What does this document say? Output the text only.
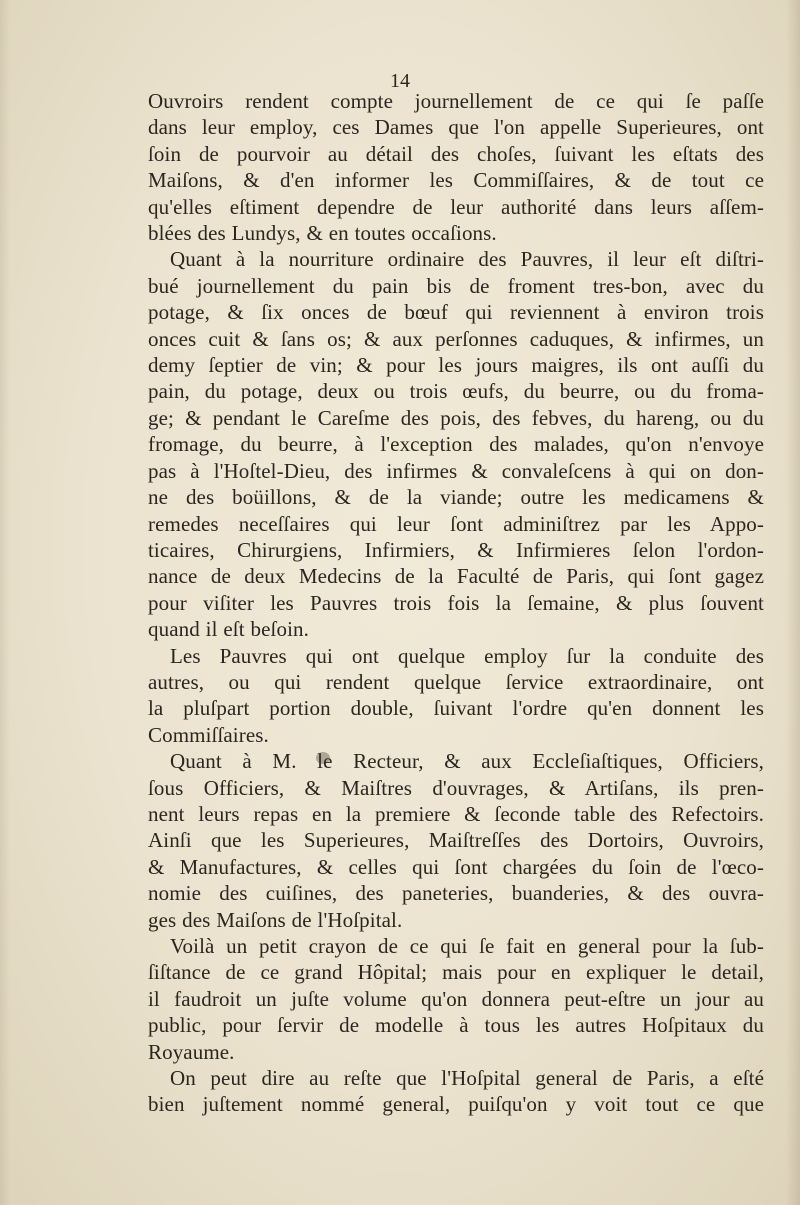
14
Ouvroirs rendent compte journellement de ce qui ſe paſſe
dans leur employ, ces Dames que l'on appelle Superieures, ont
ſoin de pourvoir au détail des choſes, ſuivant les eſtats des
Maiſons, & d'en informer les Commiſſaires, & de tout ce
qu'elles eſtiment dependre de leur authorité dans leurs aſſem-
blées des Lundys, & en toutes occaſions.
Quant à la nourriture ordinaire des Pauvres, il leur eſt diſtri-
bué journellement du pain bis de froment tres-bon, avec du
potage, & ſix onces de bœuf qui reviennent à environ trois
onces cuit & ſans os; & aux perſonnes caduques, & infirmes, un
demy ſeptier de vin; & pour les jours maigres, ils ont auſſi du
pain, du potage, deux ou trois œufs, du beurre, ou du froma-
ge; & pendant le Careſme des pois, des febves, du hareng, ou du
fromage, du beurre, à l'exception des malades, qu'on n'envoye
pas à l'Hoſtel-Dieu, des infirmes & convaleſcens à qui on don-
ne des boüillons, & de la viande; outre les medicamens &
remedes neceſſaires qui leur ſont adminiſtrez par les Appo-
ticaires, Chirurgiens, Infirmiers, & Infirmieres ſelon l'ordon-
nance de deux Medecins de la Faculté de Paris, qui ſont gagez
pour viſiter les Pauvres trois fois la ſemaine, & plus ſouvent
quand il eſt beſoin.
Les Pauvres qui ont quelque employ ſur la conduite des
autres, ou qui rendent quelque ſervice extraordinaire, ont
la pluſpart portion double, ſuivant l'ordre qu'en donnent les
Commiſſaires.
Quant à M. le Recteur, & aux Eccleſiaſtiques, Officiers,
ſous Officiers, & Maiſtres d'ouvrages, & Artiſans, ils pren-
nent leurs repas en la premiere & ſeconde table des Refectoirs.
Ainſi que les Superieures, Maiſtreſſes des Dortoirs, Ouvroirs,
& Manufactures, & celles qui ſont chargées du ſoin de l'œco-
nomie des cuiſines, des paneteries, buanderies, & des ouvra-
ges des Maiſons de l'Hoſpital.
Voilà un petit crayon de ce qui ſe fait en general pour la ſub-
ſiſtance de ce grand Hôpital; mais pour en expliquer le detail,
il faudroit un juſte volume qu'on donnera peut-eſtre un jour au
public, pour ſervir de modelle à tous les autres Hoſpitaux du
Royaume.
On peut dire au reſte que l'Hoſpital general de Paris, a eſté
bien juſtement nommé general, puiſqu'on y voit tout ce que
